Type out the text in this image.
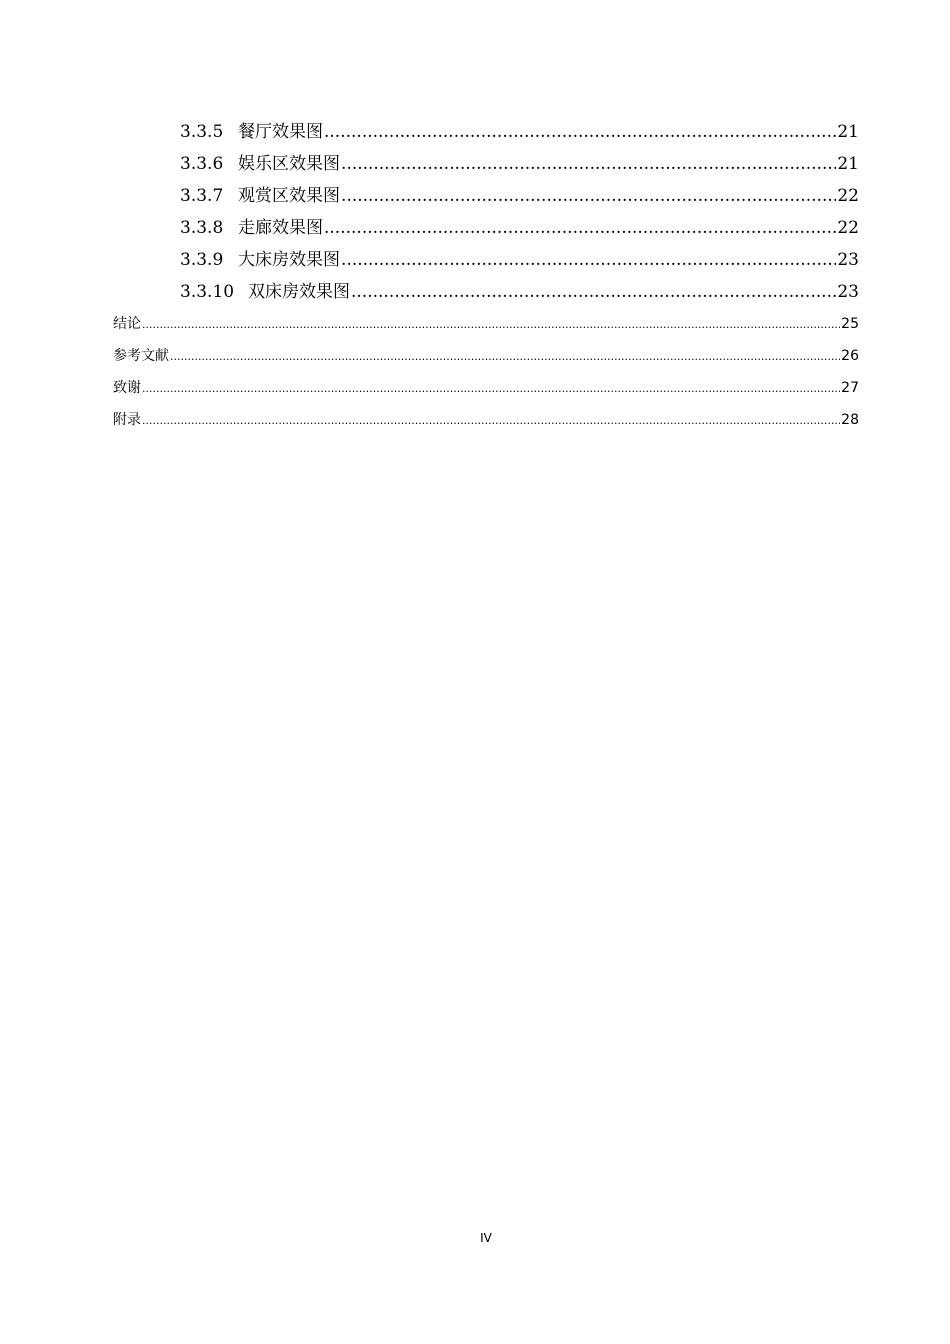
3.3.5 餐厅效果图 .....	21
3.3.6 娱乐区效果图 .....	21
3.3.7 观赏区效果图 .....	22
3.3.8 走廊效果图 .....	22
3.3.9 大床房效果图 .....	23
3.3.10 双床房效果图 .....	23
结论 .....	25
参考文献 .....	26
致谢 .....	27
附录 .....	28
IV
